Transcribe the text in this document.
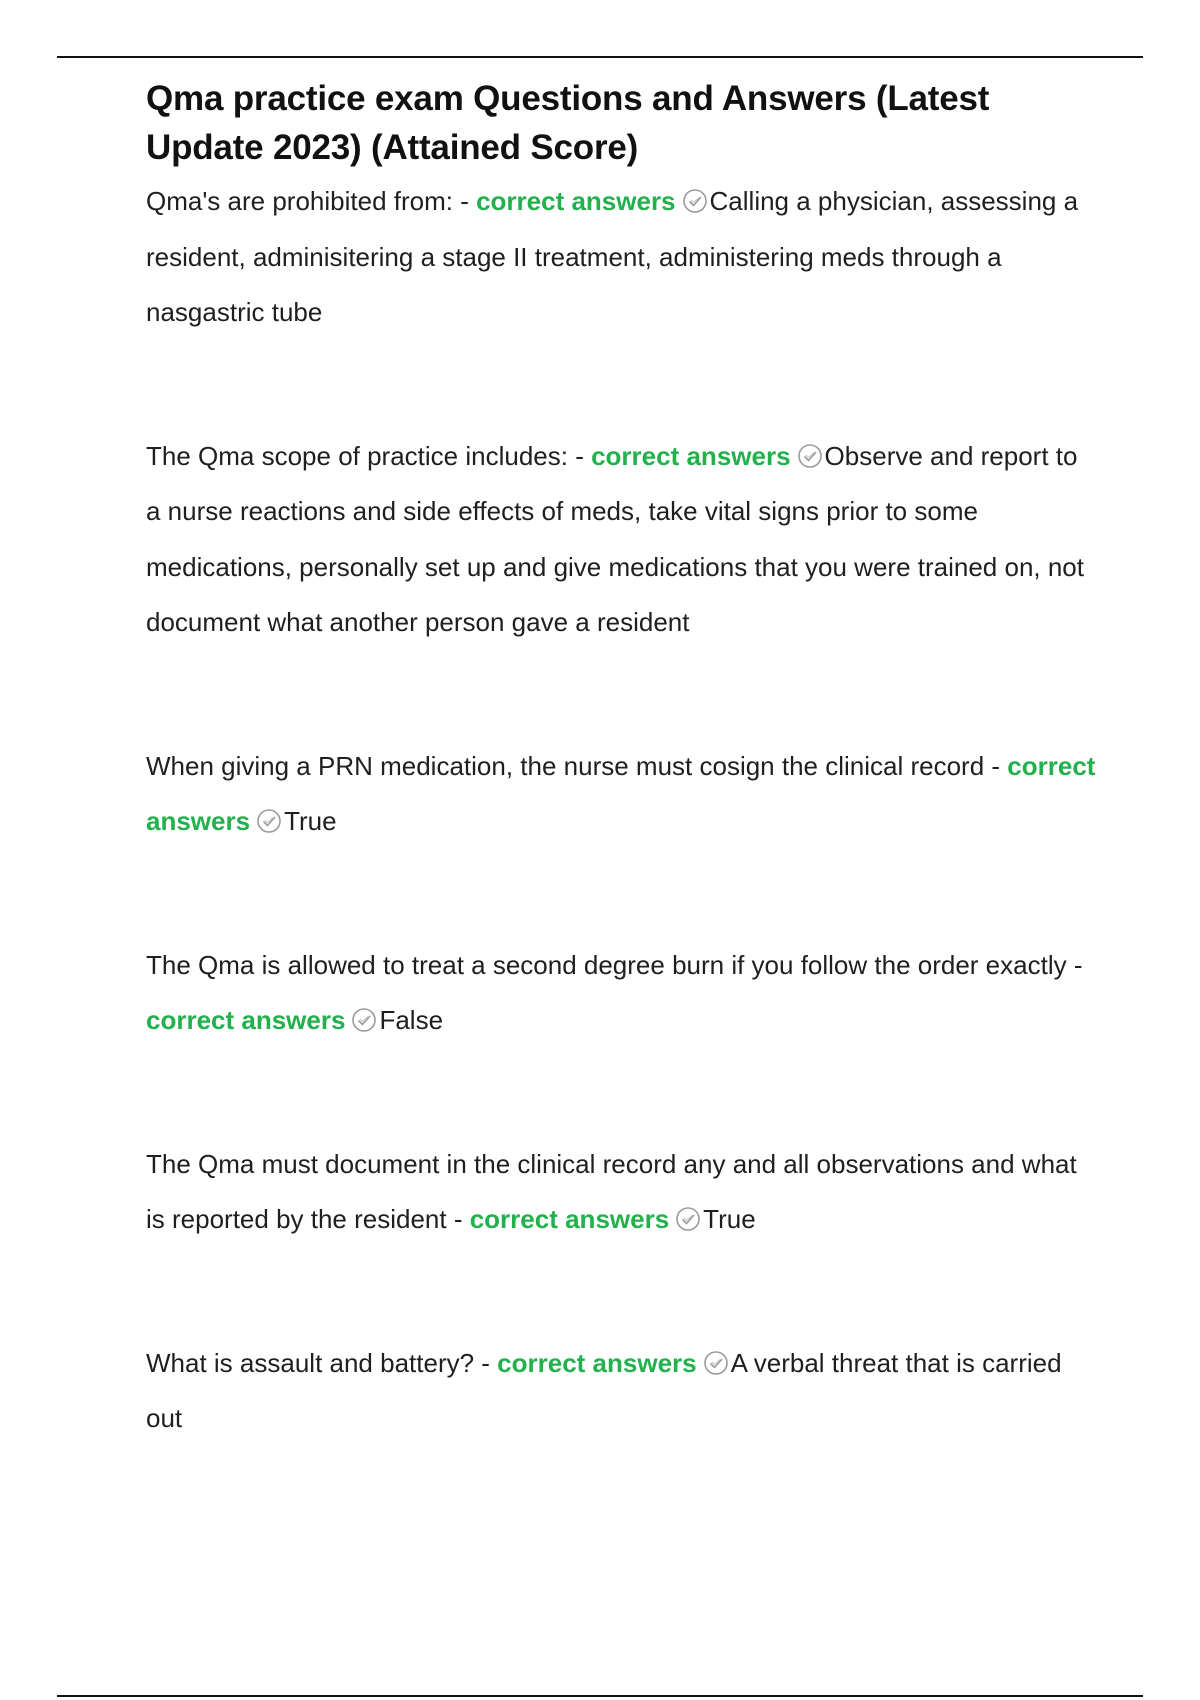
Qma practice exam Questions and Answers (Latest Update 2023) (Attained Score)

Qma's are prohibited from: - correct answers Calling a physician, assessing a resident, adminisitering a stage II treatment, administering meds through a nasgastric tube

The Qma scope of practice includes: - correct answers Observe and report to a nurse reactions and side effects of meds, take vital signs prior to some medications, personally set up and give medications that you were trained on, not document what another person gave a resident

When giving a PRN medication, the nurse must cosign the clinical record - correct answers True

The Qma is allowed to treat a second degree burn if you follow the order exactly - correct answers False

The Qma must document in the clinical record any and all observations and what is reported by the resident - correct answers True

What is assault and battery? - correct answers A verbal threat that is carried out
